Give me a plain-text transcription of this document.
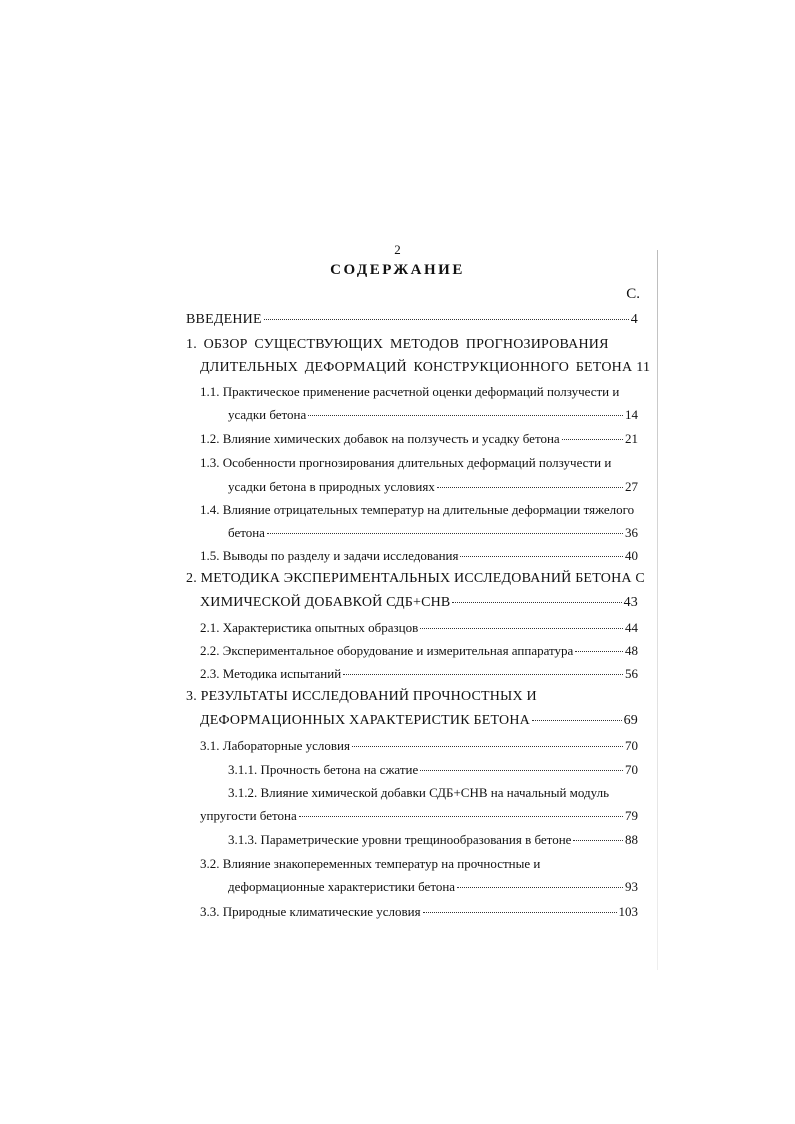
2
СОДЕРЖАНИЕ
С.
ВВЕДЕНИЕ	4
1. ОБЗОР СУЩЕСТВУЮЩИХ МЕТОДОВ ПРОГНОЗИРОВАНИЯ
ДЛИТЕЛЬНЫХ ДЕФОРМАЦИЙ КОНСТРУКЦИОННОГО БЕТОНА 11
1.1. Практическое применение расчетной оценки деформаций ползучести и
усадки бетона	14
1.2. Влияние химических добавок на ползучесть и усадку бетона	21
1.3. Особенности прогнозирования длительных деформаций ползучести и
усадки бетона в природных условиях	27
1.4. Влияние отрицательных температур на длительные деформации тяжелого
бетона	36
1.5. Выводы по разделу и задачи исследования	40
2. МЕТОДИКА ЭКСПЕРИМЕНТАЛЬНЫХ ИССЛЕДОВАНИЙ БЕТОНА С
ХИМИЧЕСКОЙ ДОБАВКОЙ СДБ+СНВ	43
2.1. Характеристика опытных образцов	44
2.2. Экспериментальное оборудование и измерительная аппаратура	48
2.3. Методика испытаний	56
3. РЕЗУЛЬТАТЫ ИССЛЕДОВАНИЙ ПРОЧНОСТНЫХ И
ДЕФОРМАЦИОННЫХ ХАРАКТЕРИСТИК БЕТОНА	69
3.1. Лабораторные условия	70
3.1.1. Прочность бетона на сжатие	70
3.1.2. Влияние химической добавки СДБ+СНВ на начальный модуль
упругости бетона	79
3.1.3. Параметрические уровни трещинообразования в бетоне	88
3.2. Влияние знакопеременных температур на прочностные и
деформационные характеристики бетона	93
3.3. Природные климатические условия	103
